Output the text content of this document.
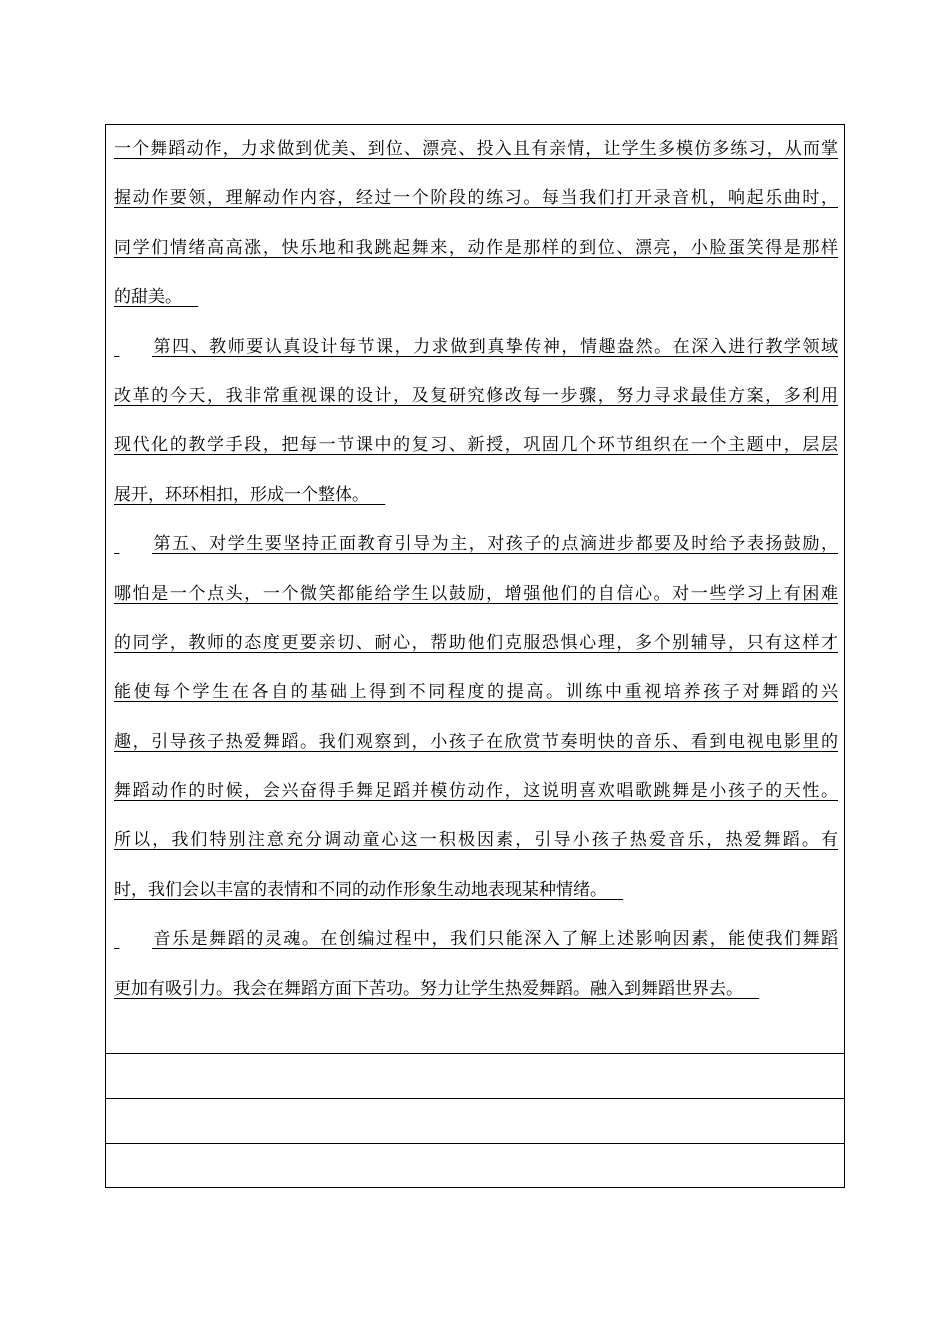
一个舞蹈动作，力求做到优美、到位、漂亮、投入且有亲情，让学生多模仿多练习，从而掌
握动作要领，理解动作内容，经过一个阶段的练习。每当我们打开录音机，响起乐曲时，
同学们情绪高高涨，快乐地和我跳起舞来，动作是那样的到位、漂亮，小脸蛋笑得是那样
的甜美。
第四、教师要认真设计每节课，力求做到真挚传神，情趣盎然。在深入进行教学领域
改革的今天，我非常重视课的设计，及复研究修改每一步骤，努力寻求最佳方案，多利用
现代化的教学手段，把每一节课中的复习、新授，巩固几个环节组织在一个主题中，层层
展开，环环相扣，形成一个整体。
第五、对学生要坚持正面教育引导为主，对孩子的点滴进步都要及时给予表扬鼓励，
哪怕是一个点头，一个微笑都能给学生以鼓励，增强他们的自信心。对一些学习上有困难
的同学，教师的态度更要亲切、耐心，帮助他们克服恐惧心理，多个别辅导，只有这样才
能使每个学生在各自的基础上得到不同程度的提高。训练中重视培养孩子对舞蹈的兴
趣，引导孩子热爱舞蹈。我们观察到，小孩子在欣赏节奏明快的音乐、看到电视电影里的
舞蹈动作的时候，会兴奋得手舞足蹈并模仿动作，这说明喜欢唱歌跳舞是小孩子的天性。
所以，我们特别注意充分调动童心这一积极因素，引导小孩子热爱音乐，热爱舞蹈。有
时，我们会以丰富的表情和不同的动作形象生动地表现某种情绪。
音乐是舞蹈的灵魂。在创编过程中，我们只能深入了解上述影响因素，能使我们舞蹈
更加有吸引力。我会在舞蹈方面下苦功。努力让学生热爱舞蹈。融入到舞蹈世界去。
